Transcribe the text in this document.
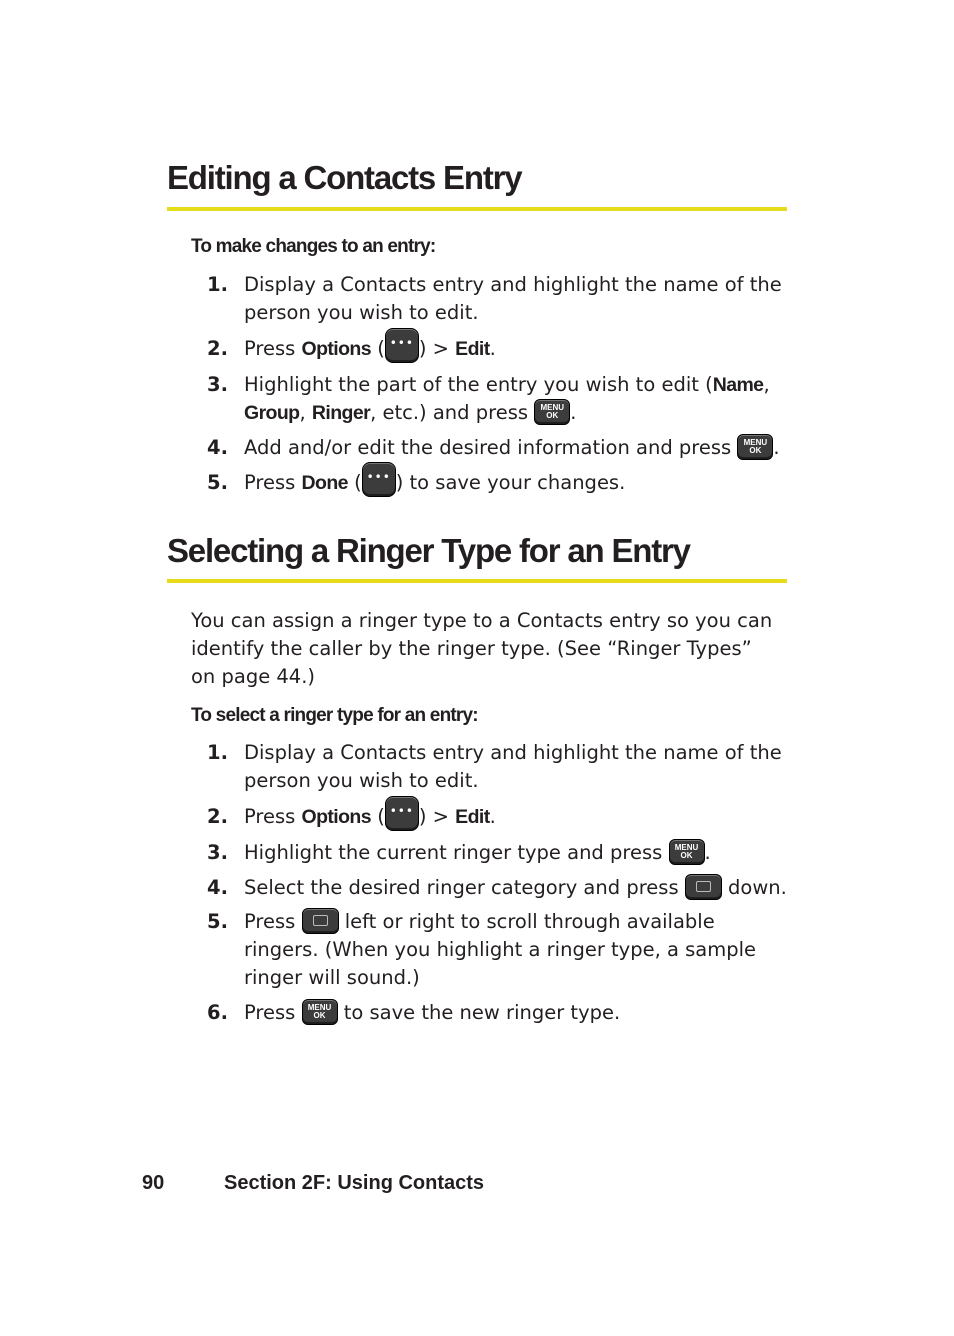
Editing a Contacts Entry
To make changes to an entry:
1. Display a Contacts entry and highlight the name of the person you wish to edit.
2. Press Options ( ••• ) > Edit.
3. Highlight the part of the entry you wish to edit (Name, Group, Ringer, etc.) and press MENU
OK .
4. Add and/or edit the desired information and press MENU
OK .
5. Press Done ( ••• ) to save your changes.
Selecting a Ringer Type for an Entry
You can assign a ringer type to a Contacts entry so you can identify the caller by the ringer type. (See “Ringer Types” on page 44.)
To select a ringer type for an entry:
1. Display a Contacts entry and highlight the name of the person you wish to edit.
2. Press Options ( ••• ) > Edit.
3. Highlight the current ringer type and press MENU
OK .
4. Select the desired ringer category and press
down.
5. Press
left or right to scroll through available ringers. (When you highlight a ringer type, a sample ringer will sound.)
6. Press MENU
OK to save the new ringer type.
90	Section 2F: Using Contacts
